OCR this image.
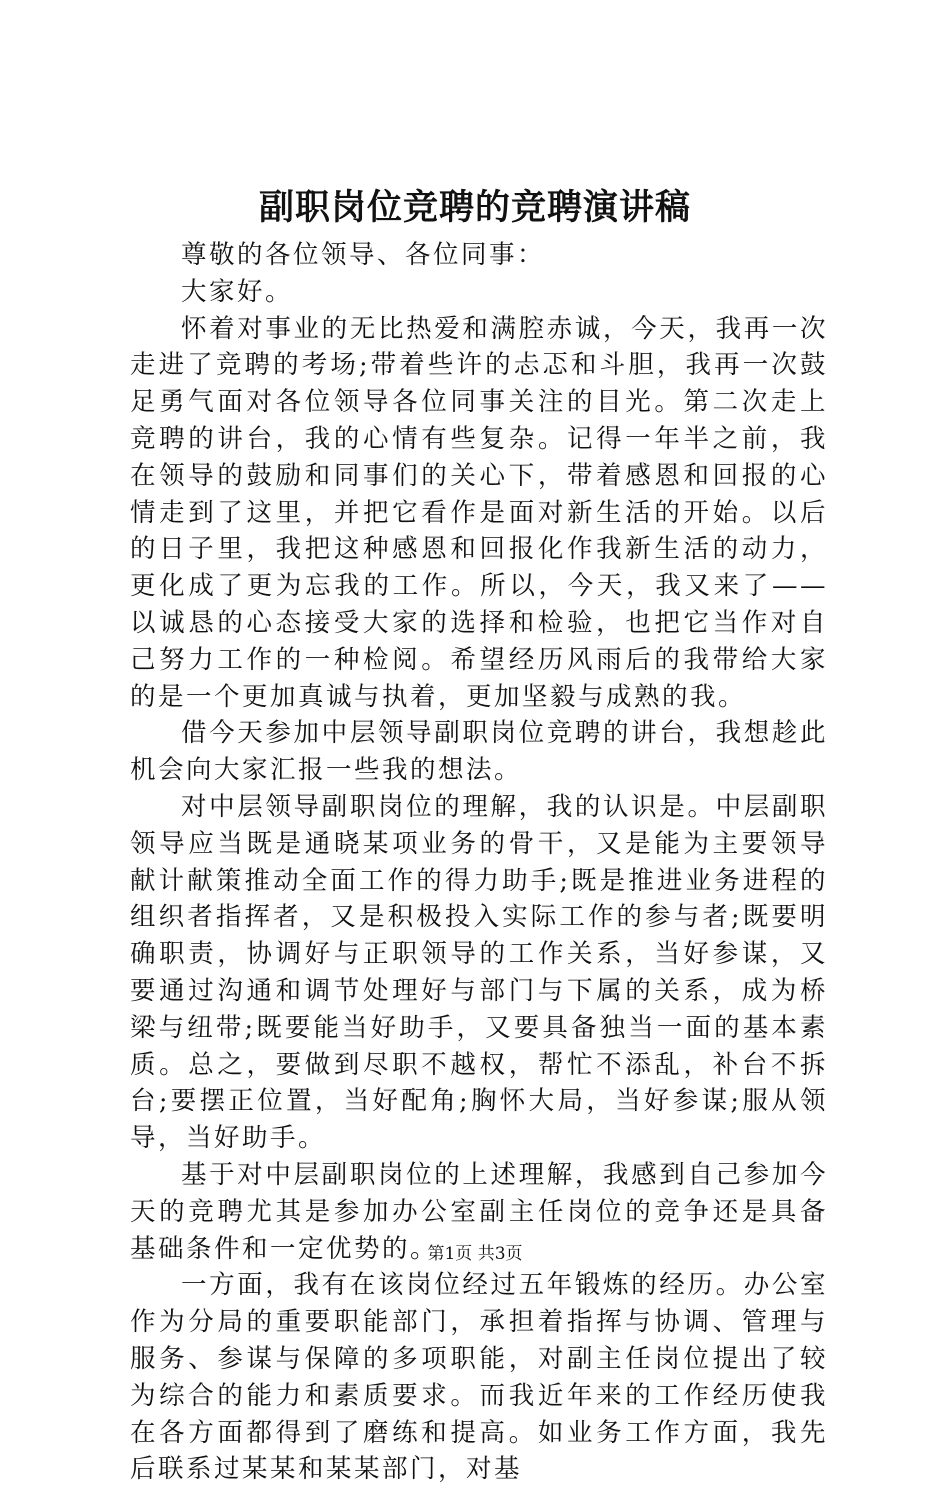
副职岗位竞聘的竞聘演讲稿

尊敬的各位领导、各位同事：

大家好。

怀着对事业的无比热爱和满腔赤诚，今天，我再一次走进了竞聘的考场;带着些许的忐忑和斗胆，我再一次鼓足勇气面对各位领导各位同事关注的目光。第二次走上竞聘的讲台，我的心情有些复杂。记得一年半之前，我在领导的鼓励和同事们的关心下，带着感恩和回报的心情走到了这里，并把它看作是面对新生活的开始。以后的日子里，我把这种感恩和回报化作我新生活的动力，更化成了更为忘我的工作。所以，今天，我又来了——以诚恳的心态接受大家的选择和检验，也把它当作对自己努力工作的一种检阅。希望经历风雨后的我带给大家的是一个更加真诚与执着，更加坚毅与成熟的我。

借今天参加中层领导副职岗位竞聘的讲台，我想趁此机会向大家汇报一些我的想法。

对中层领导副职岗位的理解，我的认识是。中层副职领导应当既是通晓某项业务的骨干，又是能为主要领导献计献策推动全面工作的得力助手;既是推进业务进程的组织者指挥者，又是积极投入实际工作的参与者;既要明确职责，协调好与正职领导的工作关系，当好参谋，又要通过沟通和调节处理好与部门与下属的关系，成为桥梁与纽带;既要能当好助手，又要具备独当一面的基本素质。总之，要做到尽职不越权，帮忙不添乱，补台不拆台;要摆正位置，当好配角;胸怀大局，当好参谋;服从领导，当好助手。

基于对中层副职岗位的上述理解，我感到自己参加今天的竞聘尤其是参加办公室副主任岗位的竞争还是具备基础条件和一定优势的。

一方面，我有在该岗位经过五年锻炼的经历。办公室作为分局的重要职能部门，承担着指挥与协调、管理与服务、参谋与保障的多项职能，对副主任岗位提出了较为综合的能力和素质要求。而我近年来的工作经历使我在各方面都得到了磨练和提高。如业务工作方面，我先后联系过某某和某某部门，对基

第1页 共3页
